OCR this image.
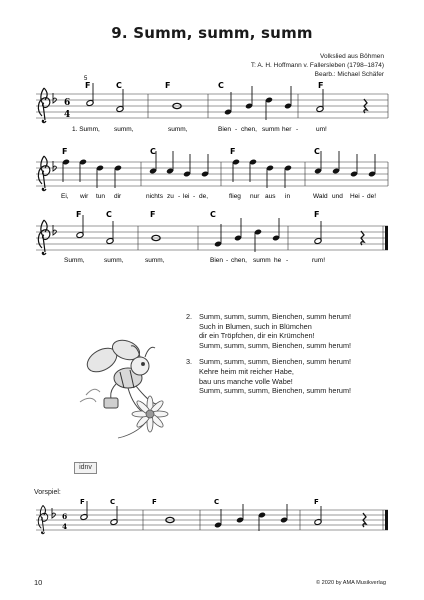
9. Summ, summ, summ
Volkslied aus Böhmen
T: A. H. Hoffmann v. Fallersleben (1798–1874)
Bearb.: Michael Schäfer
6
4
5
F	C	F	C	F
1. Summ, summ,	summ,	Bien - chen, summ her -	um!
F	C	F	C
Ei, wir tun dir	nichts zu - lei - de,	flieg nur aus in	Wald und Hei - de!
F	C	F	C	F
Summ,	summ,	summ,	Bien - chen, summ he -	rum!
6
4
F	C	F	C	F
2. Summ, summ, summ, Bienchen, summ herum!
Such in Blumen, such in Blümchen
dir ein Tröpfchen, dir ein Krümchen!
Summ, summ, summ, Bienchen, summ herum!
3. Summ, summ, summ, Bienchen, summ herum!
Kehre heim mit reicher Habe,
bau uns manche volle Wabe!
Summ, summ, summ, Bienchen, summ herum!
idnv
Vorspiel:
10	© 2020 by AMA Musikverlag
